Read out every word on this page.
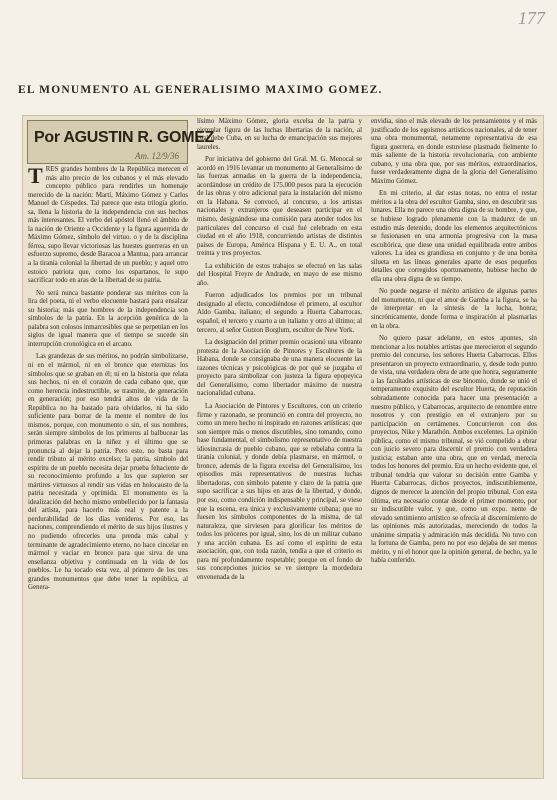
177
EL MONUMENTO AL GENERALISIMO MAXIMO GOMEZ.
Por AGUSTIN R. GOMEZ
Am. 12/9/36

TRES grandes hombres de la República merecen el más alto precio de los cubanos y el más elevado concepto público para rendirles un homenaje merecido de la nación: Martí, Máximo Gómez y Carlos Manuel de Céspedes. Tal parece que esta trilogía glorio. sa, llena la historia de la independencia con sus hechos más interesantes. El verbo del apóstol llenó el ámbito de la nación de Oriente a Occidente y la figura aguerrida de Máximo Gómez, símbolo del virtuo. o y de la disciplina férrea, supo llevar victoriosas las huestes guerreras en un esfuerzo supremo, desde Baracoa a Mantua, para arrancar a la tiranía colonial la libertad de un pueblo; y aquel otro estoico patriota que, como los espartanos, le supo sacrificar todo en aras de la libertad de su patria.

No será nunca bastante ponderar sus méritos con la lira del poeta, ni el verbo elocuente bastará para ensalzar su historia; más que hombres de la independencia son símbolos de la patria. En la acepción genérica de la palabra son colosos inmarcesibles que se perpetúan en los siglos de igual manera que el tiempo se sucede sin interrupción cronológica en el arcano.

Las grandezas de sus méritos, no podrán simbolizarse, ni en el mármol, ni en el bronce que eternizas los símbolos que se graban en él; ni en la historia que relata sus hechos, ni en el corazón de cada cubano que, que como herencia indestructible, se trasmite, de generación en generación; por eso tendrá altos de vida de la República no ha bastado para olvidarlos, ni ha sido suficiente para borrar de la mente el nombre de los mismos, porque, con monumento o sin, el sus nombres, serán siempre símbolos de los primeros al balbucear las primeras palabras en la niñez y el último que se pronuncia al dejar la patria. Pero esto, no basta para rendir tributo al mérito excelso; la patria, símbolo del espíritu de un pueblo necesita dejar prueba fehaciente de su reconocimiento profundo a los que supieron ser mártires virtuosos al rendir sus vidas en holocausto de la patria necesitada y oprimida. El monumento es la idealización del hecho mismo embellecido por la fantasía del artista, para hacerlo más real y patente a la perdurabilidad de los días venideros. Por eso, las naciones, comprendiendo el mérito de sus hijos ilustres y no pudiendo ofrecerles una prenda más cabal y terminante de agradecimiento eterno, no hace cincelar en mármol y vaciar en bronce para que sirva de una enseñanza objetiva y continuada en la vida de los pueblos. Le ha tocado esta vez, al primero de los tres grandes monumentos que debe tener la república, al Genera-

lísimo Máximo Gómez, gloria excelsa de la patria y ejemplar figura de las luchas libertarias de la nación, al cual debe Cuba, en su lucha de emancipación sus mejores laureles.

Por iniciativa del gobierno del Gral. M. G. Menocal se acordó en 1916 levantar un monumento al Generalísimo de las fuerzas armadas en la guerra de la independencia, acordándose un crédito de 175.000 pesos para la ejecución de las obras y otro adicional para la instalación del mismo en la Habana. Se convocó, al concurso, a los artistas nacionales y extranjeros que deseasen participar en el mismo, designándose una comisión para atender todos los particulares del concurso el cual fué celebrado en esta ciudad en el año 1918, concurriendo artistas de distintos países de Europa, América Hispana y E. U. A., en total treinta y tres proyectos.

La exhibición de estos trabajos se efectuó en las salas del Hospital Freyre de Andrade, en mayo de ese mismo año.

Fueron adjudicados los premios por un tribunal designado al efecto, concediéndose el primero, al escultor Aldo Gamba, italiano; el segundo a Huerta Cabarrocas, español, el tercero y cuarto a un italiano y otro al último; al tercero, al señor Gutzon Borglum, escultor de New York.

La designación del primer premio ocasionó una vibrante protesta de la Asociación de Pintores y Escultores de la Habana, donde se consignaba de una manera elocuente las razones técnicas y psicológicas de por qué se juzgaba el proyecto para simbolizar con justeza la figura epopeyica del Generalísimo, como libertador máximo de nuestra nacionalidad cubana.

La Asociación de Pintores y Escultores, con un criterio firme y razonado, se pronunció en contra del proyecto, no como un mero hecho ni inspirado en razones artísticas; que son siempre más o menos discutibles, sino tomando, como base fundamental, el simbolismo representativo de nuestra idiosincrasia de pueblo cubano, que se rebelaba contra la tiranía colonial, y donde debía plasmarse, en mármol, o bronce, además de la figura excelsa del Generalísimo, los episodios más representativos de nuestras luchas libertadoras, con símbolo patente y claro de la patria que supo sacrificar a sus hijos en aras de la libertad, y donde, por eso, como condición indispensable y principal, se viese que la escena, era única y exclusivamente cubana; que no fuesen los símbolos componentes de la misma, de tal naturaleza, que sirviesen para glorificar los méritos de todos los próceres por igual, sino, los de un militar cubano y una acción cubana. Es así como el espíritu de esta asociación, que, con toda razón, tendía a que el criterio es para mí profundamente respetable; porque en el fondo de sus concepciones juicios se ve siempre la mordedura envenenada de la

envidia, sino el más elevado de los pensamientos y el más justificado de los egoísmos artísticos nacionales, al de tener una obra monumental, netamente representativa de esa figura guerrera, en donde estuviese plasmado fielmente lo más saliente de la historia revolucionaria, con ambiente cubano, y una obra que, por sus méritos, extraordinarios, fuese verdaderamente digna de la gloria del Generalísimo Máximo Gómez.

En mi criterio, al dar estas notas, no entra el restar méritos a la obra del escultor Gamba, sino, en descubrir sus lunares. Ella no parece una obra digna de su hombre, y que, se hubiese logrado plenamente con la madurez de un estudio más detenido, donde los elementos arquitectónicos se fusionasen en una armonía progresiva con la masa escultórica, que diese una unidad equilibrada entre ambos valores. La idea es grandiosa en conjunto y de una bonita silueta en las líneas generales aparte de esos pequeños detalles que corregidos oportunamente, hubiese hecho de ella una obra digna de su tiempo.

No puede negarse el mérito artístico de algunas partes del monumento, ni que el amor de Gamba a la figura, se ha de interpretar en la síntesis de la lucha, honra; sincrónicamente, donde forma e inspiración al plasmarlas en la obra.

No quiero pasar adelante, en estos apuntes, sin mencionar a los notables artistas que merecieron el segundo premio del concurso, los señores Huerta Cabarrocas. Ellos presentaron un proyecto extraordinario, y, desde todo punto de vista, una verdadera obra de arte que honra, seguramente a las facultades artísticas de ese binomio, donde se unió el temperamento exquisito del escultor Huerta, de reputación sobradamente conocida para hacer una presentación a nuestro público, y Cabarrocas, arquitecto de renombre entre nosotros y con prestigio en el extranjero por su participación en certámenes. Concurrieron con dos proyectos, Nike y Marathón. Ambos excelentes. La opinión pública, como el mismo tribunal, se vió compelido a ebrar con juicio severo para discernir el premio con verdadera justicia; estaban ante una obra, que en verdad, merecía todos los honores del premio. Era un hecho evidente que, el tribunal tendría que valorar su decisión entre Gamba y Huerta Cabarrocas, dichos proyectos, indiscutiblemente, dignos de merecer la atención del propio tribunal. Con esta última, era necesario contar desde el primer momento, por su indiscutible valor, y que, como un expo. nente de elevado sentimiento artístico se ofrecía al discernimiento de las opiniones más autorizadas, mereciendo de todos la unánime simpatía y admiración más decidida. No tuvo con la fortuna de Gamba, pero no por eso dejaba de ser menos mérito, y ni el honor que la opinión general, de hecho, ya le había conferido.
